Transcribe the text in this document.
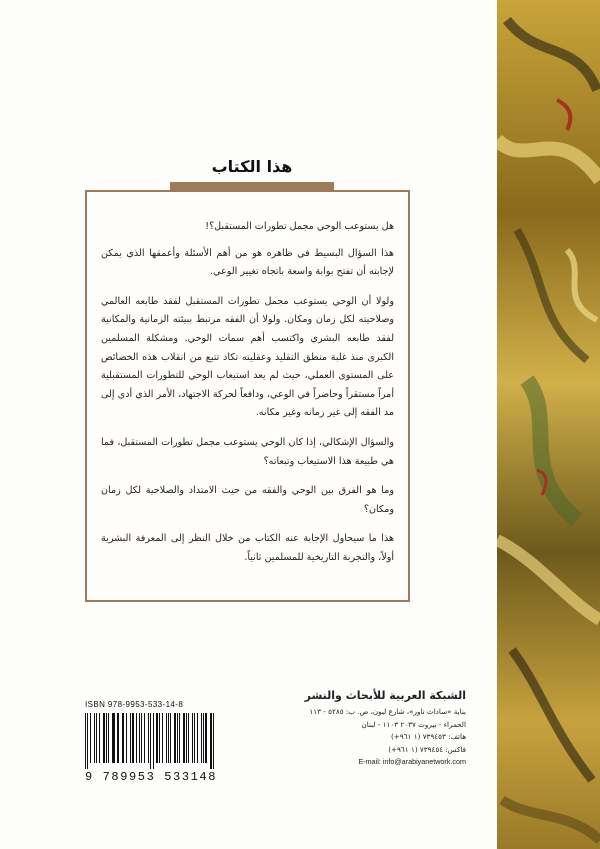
هذا الكتاب

هل يستوعب الوحي مجمل تطورات المستقبل؟!

هذا السؤال البسيط في ظاهره هو من أهم الأسئلة وأعمقها الذي يمكن لإجابته أن تفتح بوابة واسعة باتجاه تغيير الوعي.

ولولا أن الوحي يستوعب مجمل تطورات المستقبل لفقد طابعه العالمي وصلاحيته لكل زمان ومكان. ولولا أن الفقه مرتبط ببيئته الزمانية والمكانية لفقد طابعه البشري واكتسب أهم سمات الوحي. ومشكلة المسلمين الكبرى منذ غلبة منطق التقليد وعقليته تكاد تتبع من انقلاب هذه الخصائص على المستوى العملي، حيث لم يعد استيعاب الوحي للتطورات المستقبلية أمراً مستقراً وحاضراً في الوعي، ودافعاً لحركة الاجتهاد، الأمر الذي أدى إلى مد الفقه إلى غير زمانه وغير مكانه.

والسؤال الإشكالي، إذا كان الوحي يستوعب مجمل تطورات المستقبل، فما هي طبيعة هذا الاستيعاب وتبعاته؟

وما هو الفرق بين الوحي والفقه من حيث الامتداد والصلاحية لكل زمان ومكان؟

هذا ما سيحاول الإجابة عنه الكتاب من خلال النظر إلى المعرفة البشرية أولاً، والتجربة التاريخية للمسلمين ثانياً.

الشبكة العربية للأبحاث والنشر
بناية «ساداث تاور»، شارع ليون، ص. ب: ٥٢٨٥ - ١١٣
الحمراء - بيروت ٢٠٣٧ ١١٠٣ - لبنان
هاتف: ٧٣٩٤٥٣ (١ ٩٦١+)
فاكس: ٧٣٩٤٥٤ (١ ٩٦١+)
E-mail: info@arabiyanetwork.com
ISBN 978-9953-533-14-8
9 789953 533148
